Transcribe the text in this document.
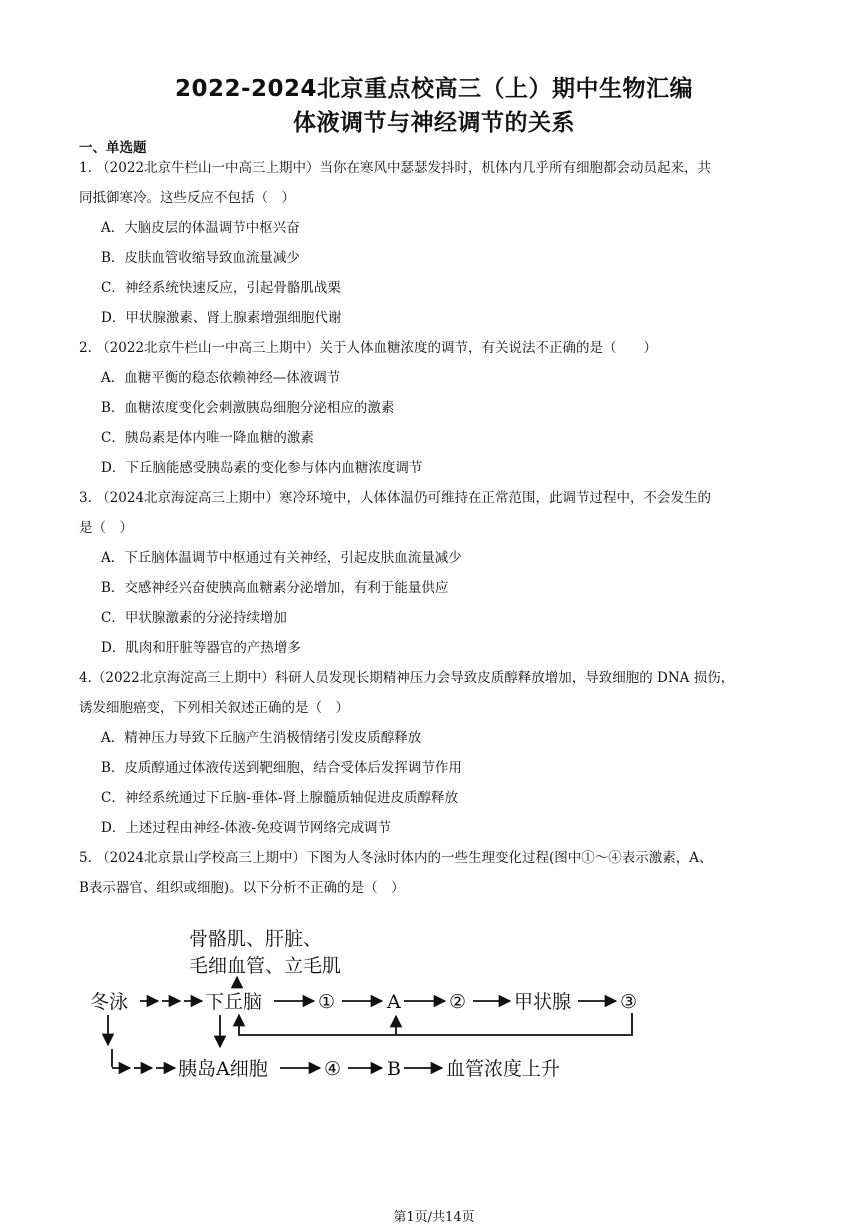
2022-2024北京重点校高三（上）期中生物汇编
体液调节与神经调节的关系
一、单选题
1. （2022北京牛栏山一中高三上期中）当你在寒风中瑟瑟发抖时，机体内几乎所有细胞都会动员起来，共
同抵御寒冷。这些反应不包括（　）
A．大脑皮层的体温调节中枢兴奋
B．皮肤血管收缩导致血流量减少
C．神经系统快速反应，引起骨骼肌战栗
D．甲状腺激素、肾上腺素增强细胞代谢
2. （2022北京牛栏山一中高三上期中）关于人体血糖浓度的调节，有关说法不正确的是（　　）
A．血糖平衡的稳态依赖神经—体液调节
B．血糖浓度变化会刺激胰岛细胞分泌相应的激素
C．胰岛素是体内唯一降血糖的激素
D．下丘脑能感受胰岛素的变化参与体内血糖浓度调节
3. （2024北京海淀高三上期中）寒冷环境中，人体体温仍可维持在正常范围，此调节过程中，不会发生的
是（　）
A．下丘脑体温调节中枢通过有关神经，引起皮肤血流量减少
B．交感神经兴奋使胰高血糖素分泌增加，有利于能量供应
C．甲状腺激素的分泌持续增加
D．肌肉和肝脏等器官的产热增多
4.（2022北京海淀高三上期中）科研人员发现长期精神压力会导致皮质醇释放增加，导致细胞的 DNA 损伤，
诱发细胞癌变，下列相关叙述正确的是（　）
A．精神压力导致下丘脑产生消极情绪引发皮质醇释放
B．皮质醇通过体液传送到靶细胞，结合受体后发挥调节作用
C．神经系统通过下丘脑-垂体-肾上腺髓质轴促进皮质醇释放
D．上述过程由神经-体液-免疫调节网络完成调节
5. （2024北京景山学校高三上期中）下图为人冬泳时体内的一些生理变化过程(图中①～④表示激素，A、
B表示器官、组织或细胞)。以下分析不正确的是（　）
骨骼肌、肝脏、
毛细血管、立毛肌
冬泳	下丘脑	①	A	②	甲状腺	③
胰岛A细胞	④ B 血管浓度上升
第1页/共14页
